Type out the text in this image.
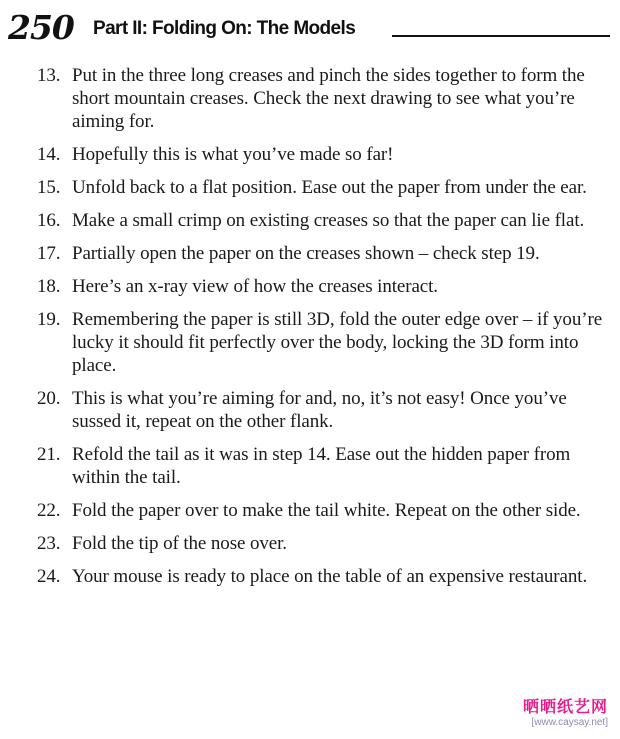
250 Part II: Folding On: The Models
13. Put in the three long creases and pinch the sides together to form the short mountain creases. Check the next drawing to see what you’re aiming for.
14. Hopefully this is what you’ve made so far!
15. Unfold back to a flat position. Ease out the paper from under the ear.
16. Make a small crimp on existing creases so that the paper can lie flat.
17. Partially open the paper on the creases shown – check step 19.
18. Here’s an x-ray view of how the creases interact.
19. Remembering the paper is still 3D, fold the outer edge over – if you’re lucky it should fit perfectly over the body, locking the 3D form into place.
20. This is what you’re aiming for and, no, it’s not easy! Once you’ve sussed it, repeat on the other flank.
21. Refold the tail as it was in step 14. Ease out the hidden paper from within the tail.
22. Fold the paper over to make the tail white. Repeat on the other side.
23. Fold the tip of the nose over.
24. Your mouse is ready to place on the table of an expensive restaurant.
晒晒纸艺网
[www.caysay.net]
